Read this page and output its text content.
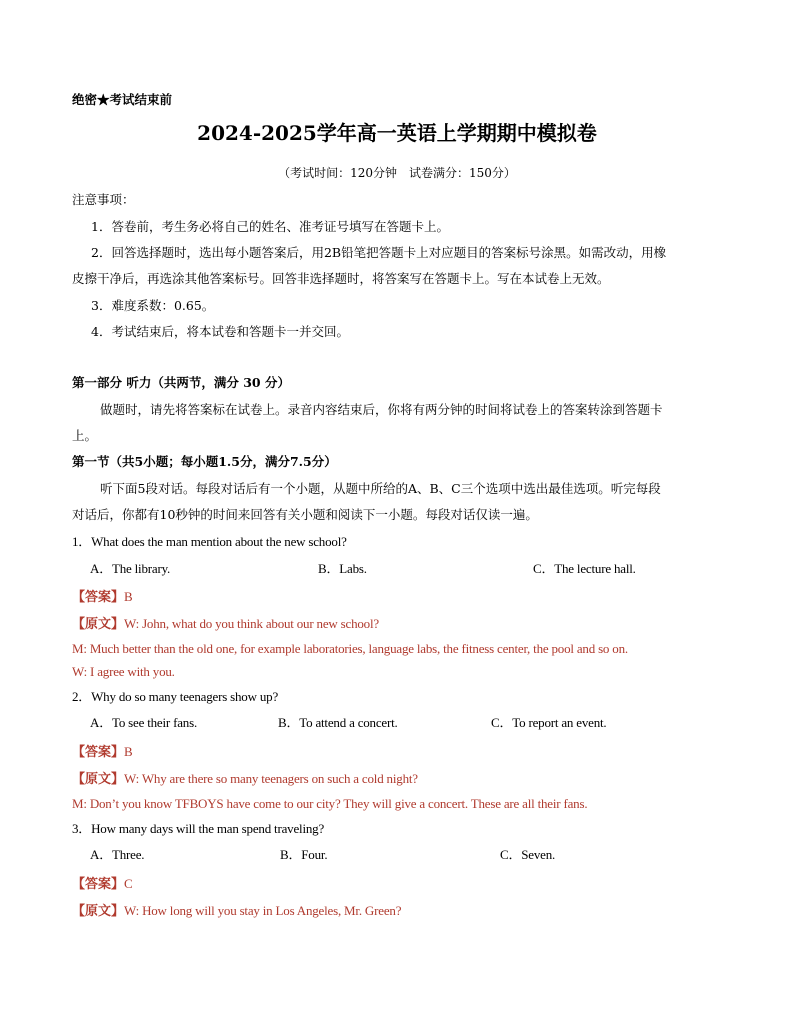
绝密★考试结束前
2024-2025学年高一英语上学期期中模拟卷
（考试时间：120分钟　试卷满分：150分）
注意事项：
1．答卷前，考生务必将自己的姓名、准考证号填写在答题卡上。
2．回答选择题时，选出每小题答案后，用2B铅笔把答题卡上对应题目的答案标号涂黑。如需改动，用橡
皮擦干净后，再选涂其他答案标号。回答非选择题时，将答案写在答题卡上。写在本试卷上无效。
3．难度系数：0.65。
4．考试结束后，将本试卷和答题卡一并交回。
第一部分 听力（共两节，满分 30 分）
做题时，请先将答案标在试卷上。录音内容结束后，你将有两分钟的时间将试卷上的答案转涂到答题卡
上。
第一节（共5小题；每小题1.5分，满分7.5分）
听下面5段对话。每段对话后有一个小题，从题中所给的A、B、C三个选项中选出最佳选项。听完每段
对话后，你都有10秒钟的时间来回答有关小题和阅读下一小题。每段对话仅读一遍。
1．What does the man mention about the new school?
A．The library.	B．Labs.	C．The lecture hall.
【答案】B
【原文】W: John, what do you think about our new school?
M: Much better than the old one, for example laboratories, language labs, the fitness center, the pool and so on.
W: I agree with you.
2．Why do so many teenagers show up?
A．To see their fans.	B．To attend a concert.	C．To report an event.
【答案】B
【原文】W: Why are there so many teenagers on such a cold night?
M: Don’t you know TFBOYS have come to our city? They will give a concert. These are all their fans.
3．How many days will the man spend traveling?
A．Three.	B．Four.	C．Seven.
【答案】C
【原文】W: How long will you stay in Los Angeles, Mr. Green?
